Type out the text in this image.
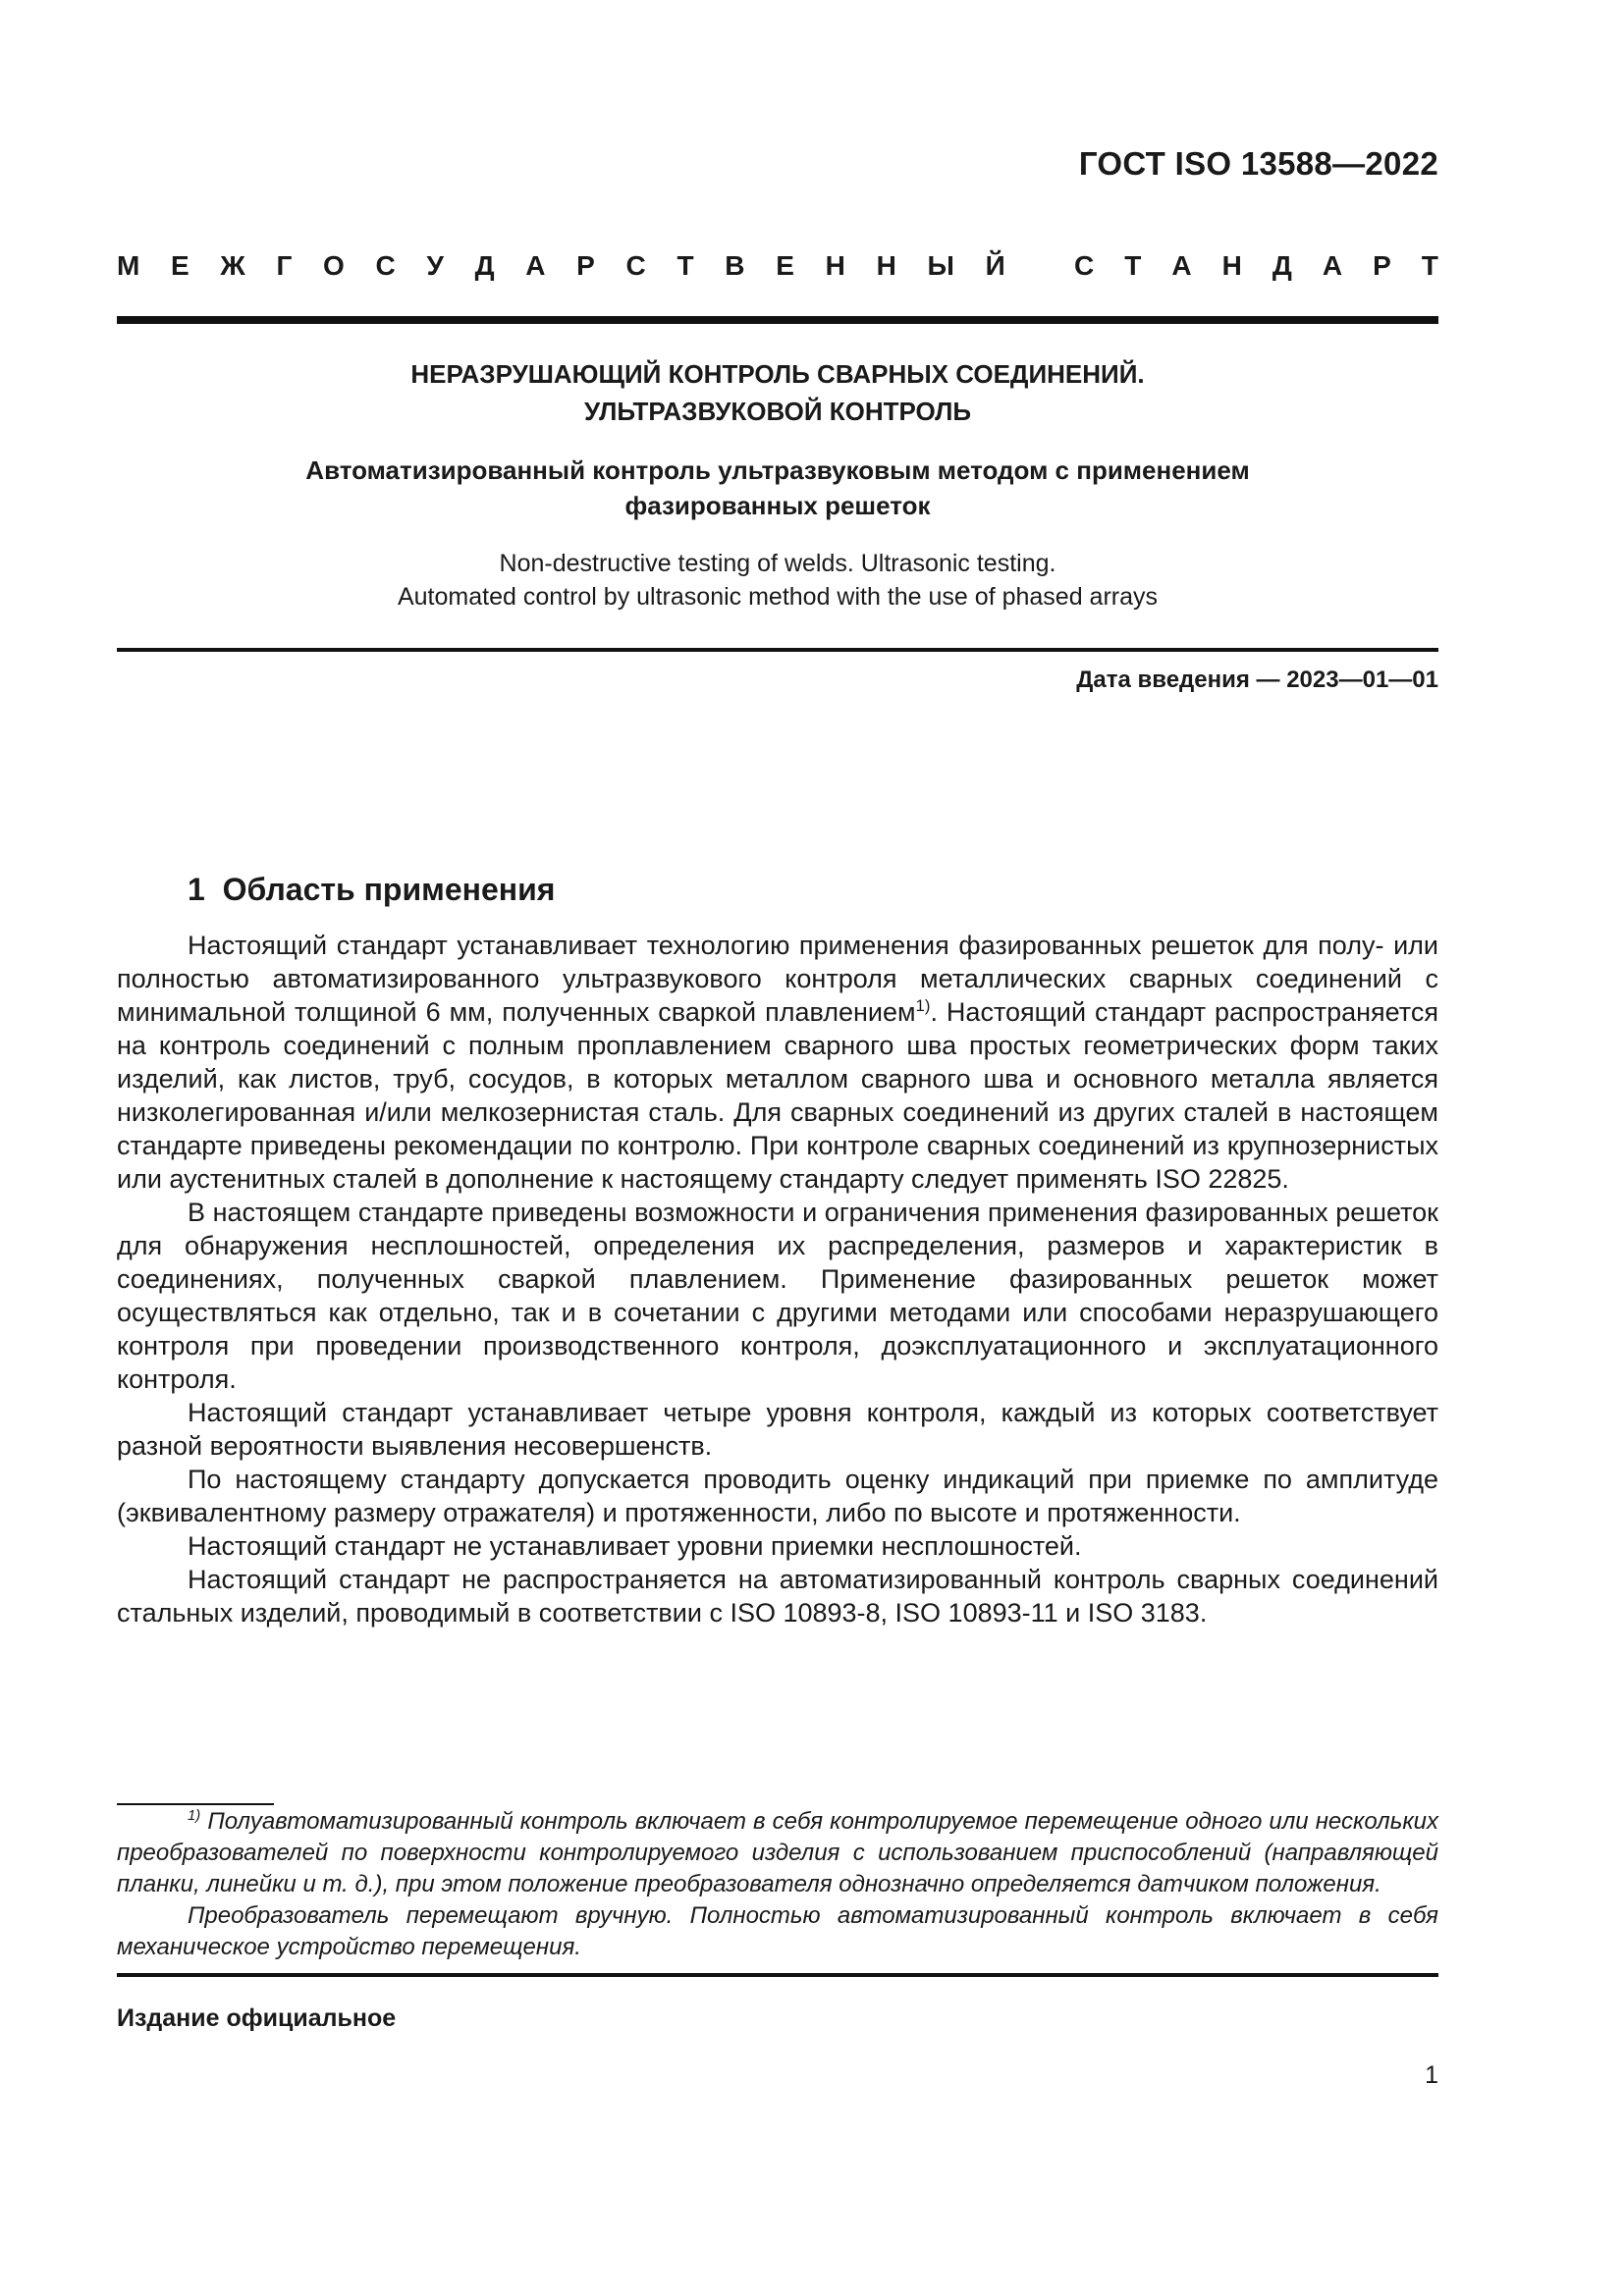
ГОСТ ISO 13588—2022
М Е Ж Г О С У Д А Р С Т В Е Н Н Ы Й	С Т А Н Д А Р Т
НЕРАЗРУШАЮЩИЙ КОНТРОЛЬ СВАРНЫХ СОЕДИНЕНИЙ.
УЛЬТРАЗВУКОВОЙ КОНТРОЛЬ
Автоматизированный контроль ультразвуковым методом с применением
фазированных решеток
Non-destructive testing of welds. Ultrasonic testing.
Automated control by ultrasonic method with the use of phased arrays
Дата введения — 2023—01—01
1 Область применения

Настоящий стандарт устанавливает технологию применения фазированных решеток для полу- или полностью автоматизированного ультразвукового контроля металлических сварных соединений с минимальной толщиной 6 мм, полученных сваркой плавлением$^{1)}$. Настоящий стандарт распространяется на контроль соединений с полным проплавлением сварного шва простых геометрических форм таких изделий, как листов, труб, сосудов, в которых металлом сварного шва и основного металла является низколегированная и/или мелкозернистая сталь. Для сварных соединений из других сталей в настоящем стандарте приведены рекомендации по контролю. При контроле сварных соединений из крупнозернистых или аустенитных сталей в дополнение к настоящему стандарту следует применять ISO 22825.

В настоящем стандарте приведены возможности и ограничения применения фазированных решеток для обнаружения несплошностей, определения их распределения, размеров и характеристик в соединениях, полученных сваркой плавлением. Применение фазированных решеток может осуществляться как отдельно, так и в сочетании с другими методами или способами неразрушающего контроля при проведении производственного контроля, доэксплуатационного и эксплуатационного контроля.

Настоящий стандарт устанавливает четыре уровня контроля, каждый из которых соответствует разной вероятности выявления несовершенств.

По настоящему стандарту допускается проводить оценку индикаций при приемке по амплитуде (эквивалентному размеру отражателя) и протяженности, либо по высоте и протяженности.

Настоящий стандарт не устанавливает уровни приемки несплошностей.

Настоящий стандарт не распространяется на автоматизированный контроль сварных соединений стальных изделий, проводимый в соответствии с ISO 10893-8, ISO 10893-11 и ISO 3183.

$^{1)}$ Полуавтоматизированный контроль включает в себя контролируемое перемещение одного или нескольких преобразователей по поверхности контролируемого изделия с использованием приспособлений (направляющей планки, линейки и т. д.), при этом положение преобразователя однозначно определяется датчиком положения.

Преобразователь перемещают вручную. Полностью автоматизированный контроль включает в себя механическое устройство перемещения.

Издание официальное
1
